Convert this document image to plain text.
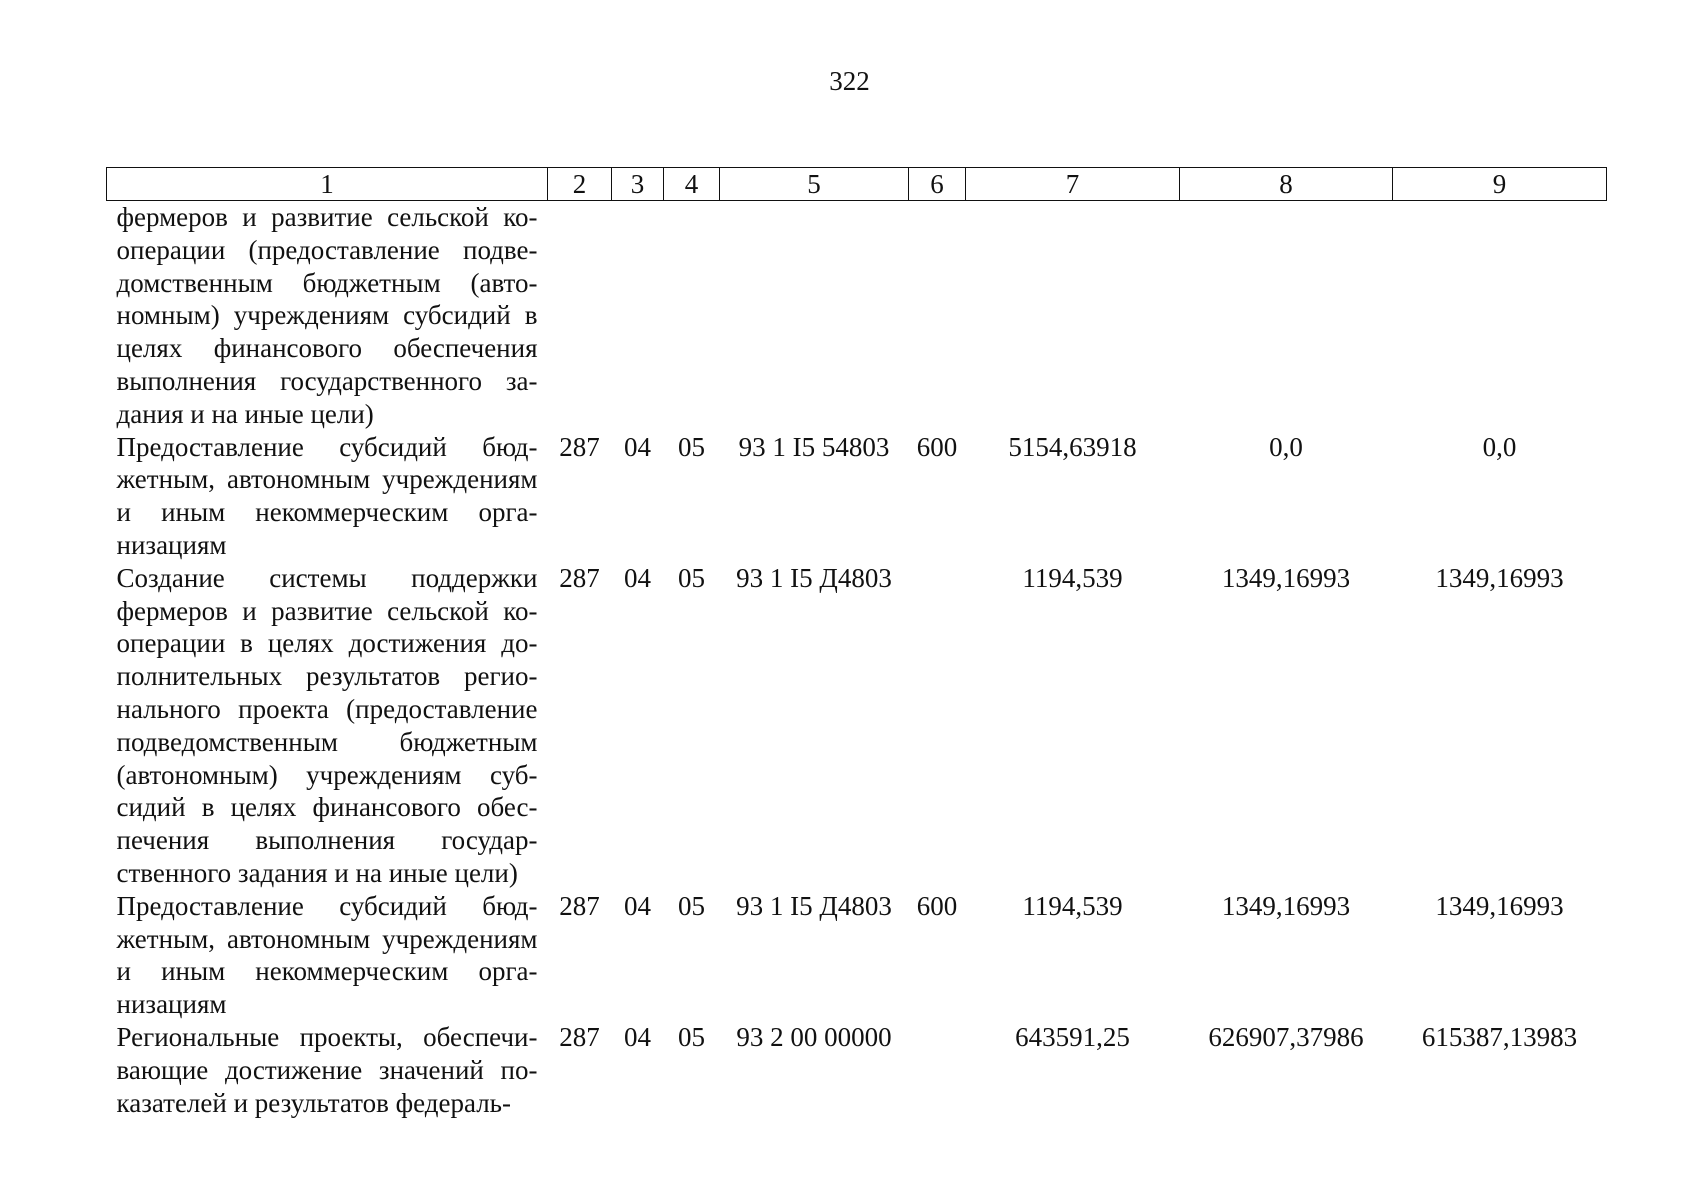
322
1	2	3	4	5	6	7	8	9
фермеров и развитие сельской кооперации (предоставление подведомственным бюджетным (автономным) учреждениям субсидий в целях финансового обеспечения выполнения государственного задания и на иные цели)								
Предоставление субсидий бюджетным, автономным учреждениям и иным некоммерческим организациям	287	04	05	93 1 I5 54803	600	5154,63918	0,0	0,0
Создание системы поддержки фермеров и развитие сельской кооперации в целях достижения дополнительных результатов регионального проекта (предоставление подведомственным бюджетным (автономным) учреждениям субсидий в целях финансового обеспечения выполнения государственного задания и на иные цели)	287	04	05	93 1 I5 Д4803		1194,539	1349,16993	1349,16993
Предоставление субсидий бюджетным, автономным учреждениям и иным некоммерческим организациям	287	04	05	93 1 I5 Д4803	600	1194,539	1349,16993	1349,16993
Региональные проекты, обеспечивающие достижение значений показателей и результатов федераль-	287	04	05	93 2 00 00000		643591,25	626907,37986	615387,13983
